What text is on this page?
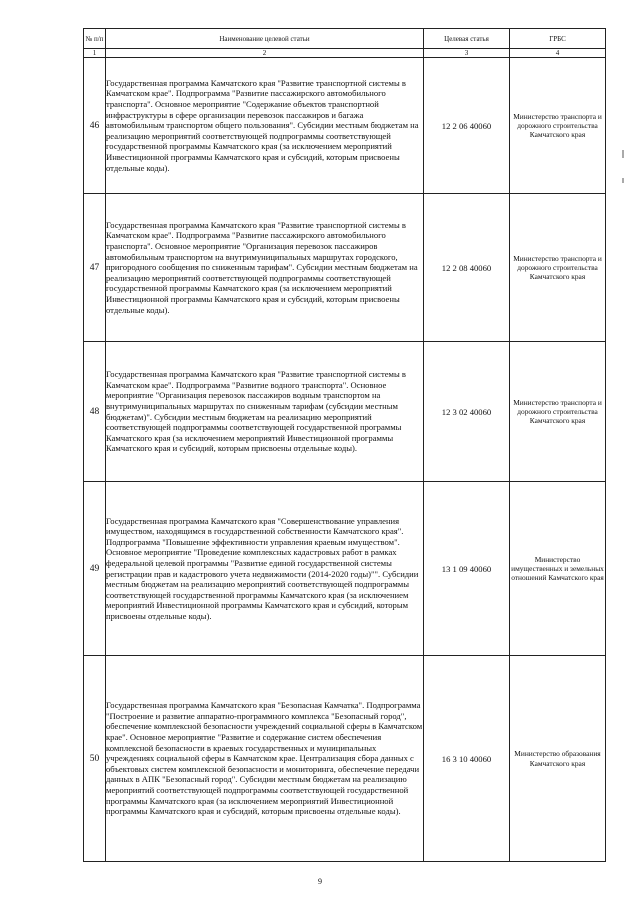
№ п/п	Наименование целевой статьи	Целевая статья	ГРБС
1	2	3	4
46	Государственная программа Камчатского края "Развитие транспортной системы в Камчатском крае". Подпрограмма "Развитие пассажирского автомобильного транспорта". Основное мероприятие "Содержание объектов транспортной инфраструктуры в сфере организации перевозок пассажиров и багажа автомобильным транспортом общего пользования". Субсидии местным бюджетам на реализацию мероприятий соответствующей подпрограммы соответствующей государственной программы Камчатского края (за исключением мероприятий Инвестиционной программы Камчатского края и субсидий, которым присвоены отдельные коды).	12 2 06 40060	Министерство транспорта и дорожного строительства Камчатского края
47	Государственная программа Камчатского края "Развитие транспортной системы в Камчатском крае". Подпрограмма "Развитие пассажирского автомобильного транспорта". Основное мероприятие "Организация перевозок пассажиров автомобильным транспортом на внутримуниципальных маршрутах городского, пригородного сообщения по сниженным тарифам". Субсидии местным бюджетам на реализацию мероприятий соответствующей подпрограммы соответствующей государственной программы Камчатского края (за исключением мероприятий Инвестиционной программы Камчатского края и субсидий, которым присвоены отдельные коды).	12 2 08 40060	Министерство транспорта и дорожного строительства Камчатского края
48	Государственная программа Камчатского края "Развитие транспортной системы в Камчатском крае". Подпрограмма "Развитие водного транспорта". Основное мероприятие "Организация перевозок пассажиров водным транспортом на внутримуниципальных маршрутах по сниженным тарифам (субсидии местным бюджетам)". Субсидии местным бюджетам на реализацию мероприятий соответствующей подпрограммы соответствующей государственной программы Камчатского края (за исключением мероприятий Инвестиционной программы Камчатского края и субсидий, которым присвоены отдельные коды).	12 3 02 40060	Министерство транспорта и дорожного строительства Камчатского края
49	Государственная программа Камчатского края "Совершенствование управления имуществом, находящимся в государственной собственности Камчатского края". Подпрограмма "Повышение эффективности управления краевым имуществом". Основное мероприятие "Проведение комплексных кадастровых работ в рамках федеральной целевой программы "Развитие единой государственной системы регистрации прав и кадастрового учета недвижимости (2014-2020 годы)"". Субсидии местным бюджетам на реализацию мероприятий соответствующей подпрограммы соответствующей государственной программы Камчатского края (за исключением мероприятий Инвестиционной программы Камчатского края и субсидий, которым присвоены отдельные коды).	13 1 09 40060	Министерство имущественных и земельных отношений Камчатского края
50	Государственная программа Камчатского края "Безопасная Камчатка". Подпрограмма "Построение и развитие аппаратно-программного комплекса "Безопасный город", обеспечение комплексной безопасности учреждений социальной сферы в Камчатском крае". Основное мероприятие "Развитие и содержание систем обеспечения комплексной безопасности в краевых государственных и муниципальных учреждениях социальной сферы в Камчатском крае. Централизация сбора данных с объектовых систем комплексной безопасности и мониторинга, обеспечение передачи данных в АПК "Безопасный город". Субсидии местным бюджетам на реализацию мероприятий соответствующей подпрограммы соответствующей государственной программы Камчатского края (за исключением мероприятий Инвестиционной программы Камчатского края и субсидий, которым присвоены отдельные коды).	16 3 10 40060	Министерство образования Камчатского края
9
